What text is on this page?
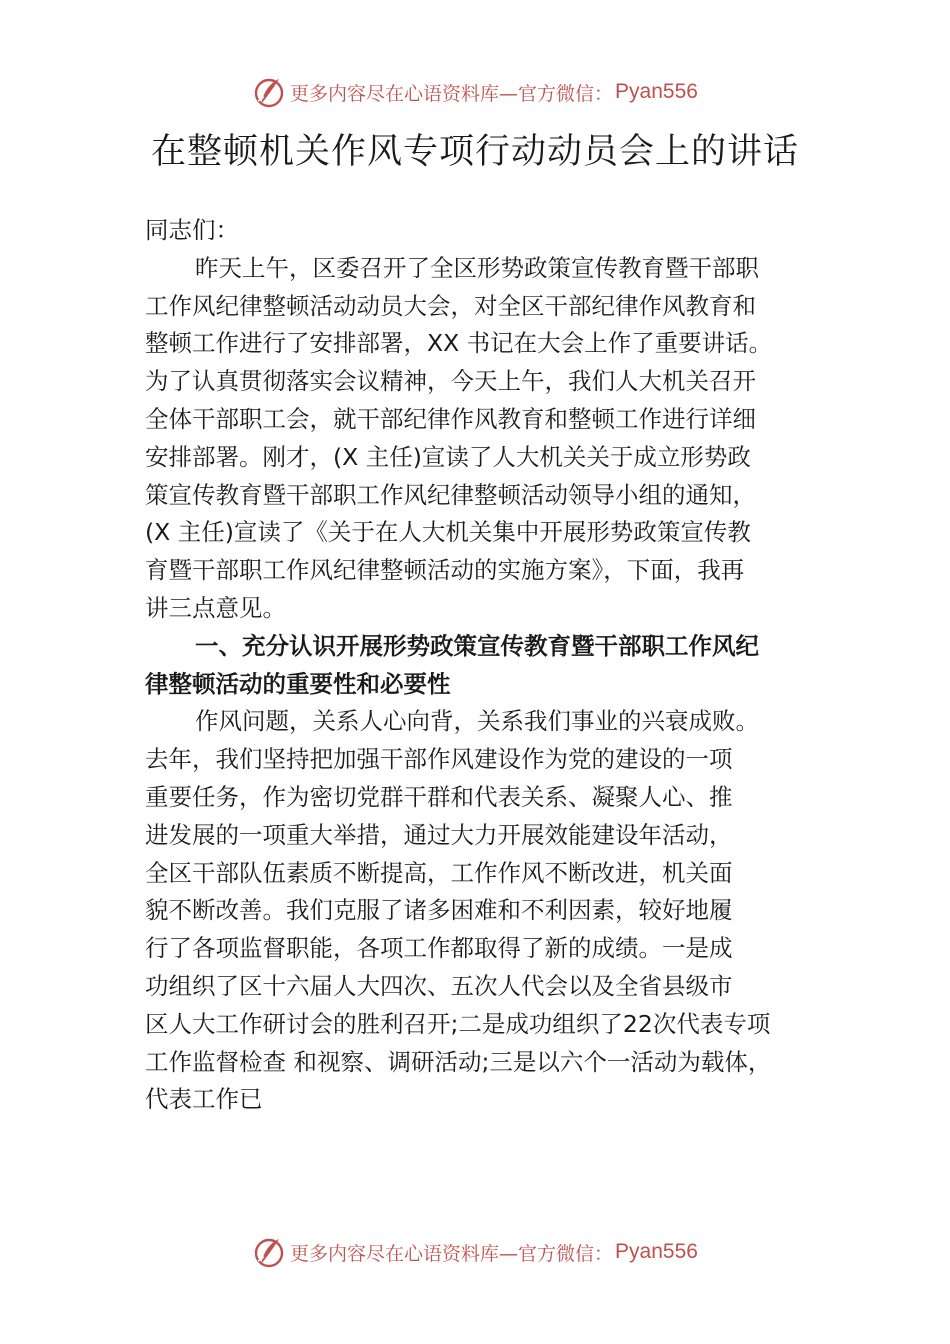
更多内容尽在心语资料库—官方微信： Pyan556
在整顿机关作风专项行动动员会上的讲话
同志们：
昨天上午，区委召开了全区形势政策宣传教育暨干部职
工作风纪律整顿活动动员大会，对全区干部纪律作风教育和
整顿工作进行了安排部署，XX 书记在大会上作了重要讲话。
为了认真贯彻落实会议精神，今天上午，我们人大机关召开
全体干部职工会，就干部纪律作风教育和整顿工作进行详细
安排部署。刚才，(X 主任)宣读了人大机关关于成立形势政
策宣传教育暨干部职工作风纪律整顿活动领导小组的通知，
(X 主任)宣读了《关于在人大机关集中开展形势政策宣传教
育暨干部职工作风纪律整顿活动的实施方案》，下面，我再
讲三点意见。
一、充分认识开展形势政策宣传教育暨干部职工作风纪
律整顿活动的重要性和必要性
作风问题，关系人心向背，关系我们事业的兴衰成败。
去年，我们坚持把加强干部作风建设作为党的建设的一项
重要任务，作为密切党群干群和代表关系、凝聚人心、推
进发展的一项重大举措，通过大力开展效能建设年活动，
全区干部队伍素质不断提高，工作作风不断改进，机关面
貌不断改善。我们克服了诸多困难和不利因素，较好地履
行了各项监督职能，各项工作都取得了新的成绩。一是成
功组织了区十六届人大四次、五次人代会以及全省县级市
区人大工作研讨会的胜利召开;二是成功组织了22次代表专项
工作监督检查 和视察、调研活动;三是以六个一活动为载体，
代表工作已
更多内容尽在心语资料库—官方微信： Pyan556
